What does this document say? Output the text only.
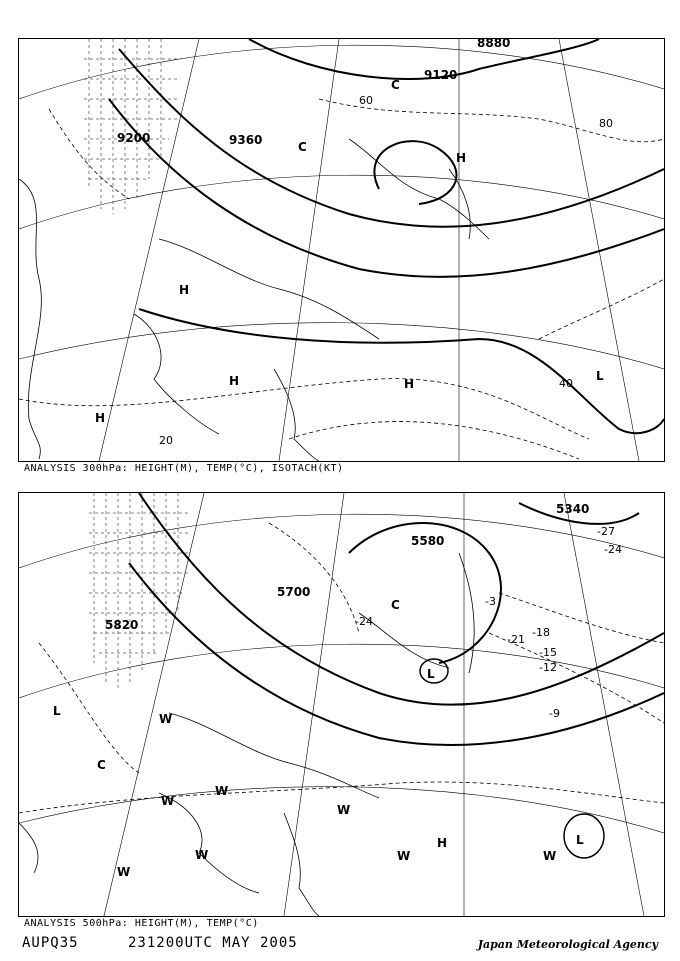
9360
9120
9200
8880
20
40
60
80
H
H
H
H
L
C
C
H
ANALYSIS 300hPa: HEIGHT(M), TEMP(°C), ISOTACH(KT)
5580
5700
5820
5340
-24
-21
-18
-15
-12
-9
-27
-24
-3
L
C
C
L
W
W
W
W
W
H
W	W
W
L
ANALYSIS 500hPa: HEIGHT(M), TEMP(°C)
AUPQ35	231200UTC MAY 2005	Japan Meteorological Agency
